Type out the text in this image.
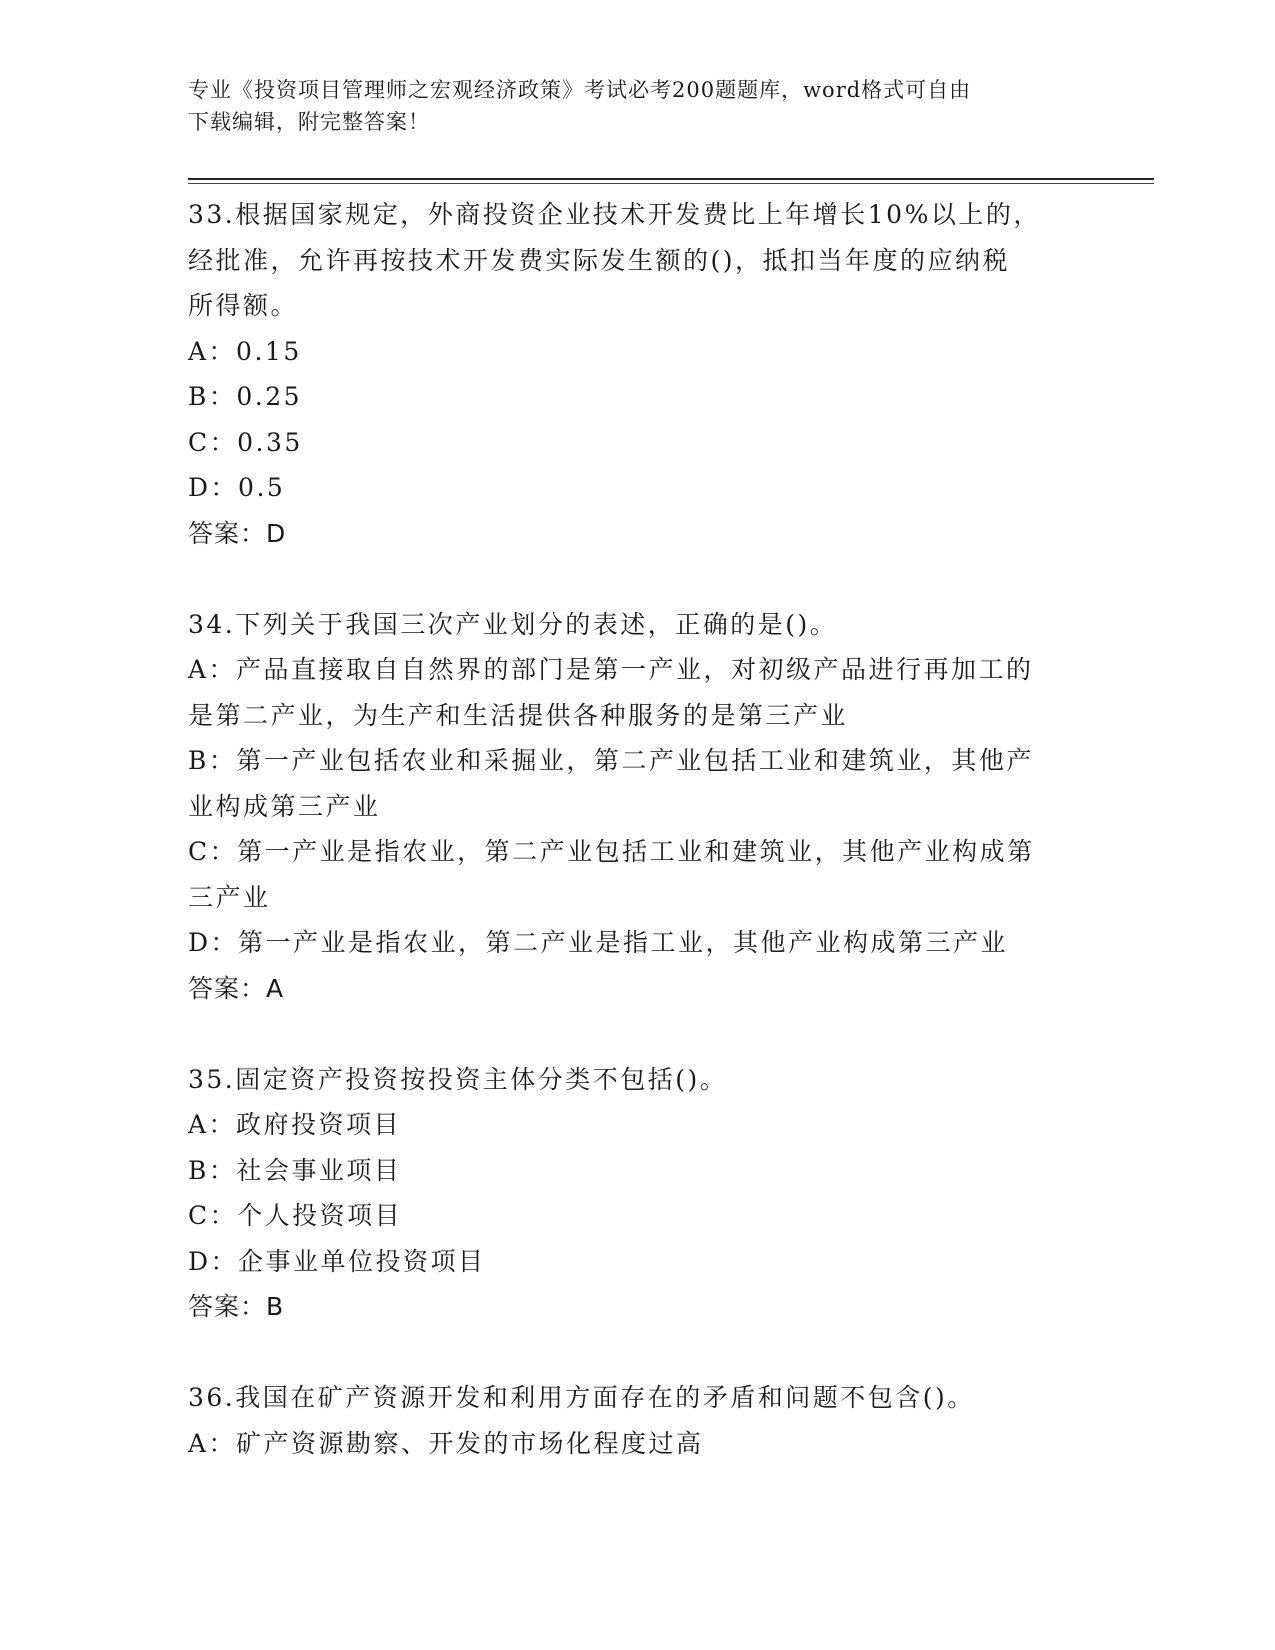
专业《投资项目管理师之宏观经济政策》考试必考200题题库，word格式可自由
下载编辑，附完整答案！
33.根据国家规定，外商投资企业技术开发费比上年增长10%以上的，
经批准，允许再按技术开发费实际发生额的()，抵扣当年度的应纳税
所得额。
A：0.15
B：0.25
C：0.35
D：0.5
答案：D
34.下列关于我国三次产业划分的表述，正确的是()。
A：产品直接取自自然界的部门是第一产业，对初级产品进行再加工的
是第二产业，为生产和生活提供各种服务的是第三产业
B：第一产业包括农业和采掘业，第二产业包括工业和建筑业，其他产
业构成第三产业
C：第一产业是指农业，第二产业包括工业和建筑业，其他产业构成第
三产业
D：第一产业是指农业，第二产业是指工业，其他产业构成第三产业
答案：A
35.固定资产投资按投资主体分类不包括()。
A：政府投资项目
B：社会事业项目
C：个人投资项目
D：企事业单位投资项目
答案：B
36.我国在矿产资源开发和利用方面存在的矛盾和问题不包含()。
A：矿产资源勘察、开发的市场化程度过高
